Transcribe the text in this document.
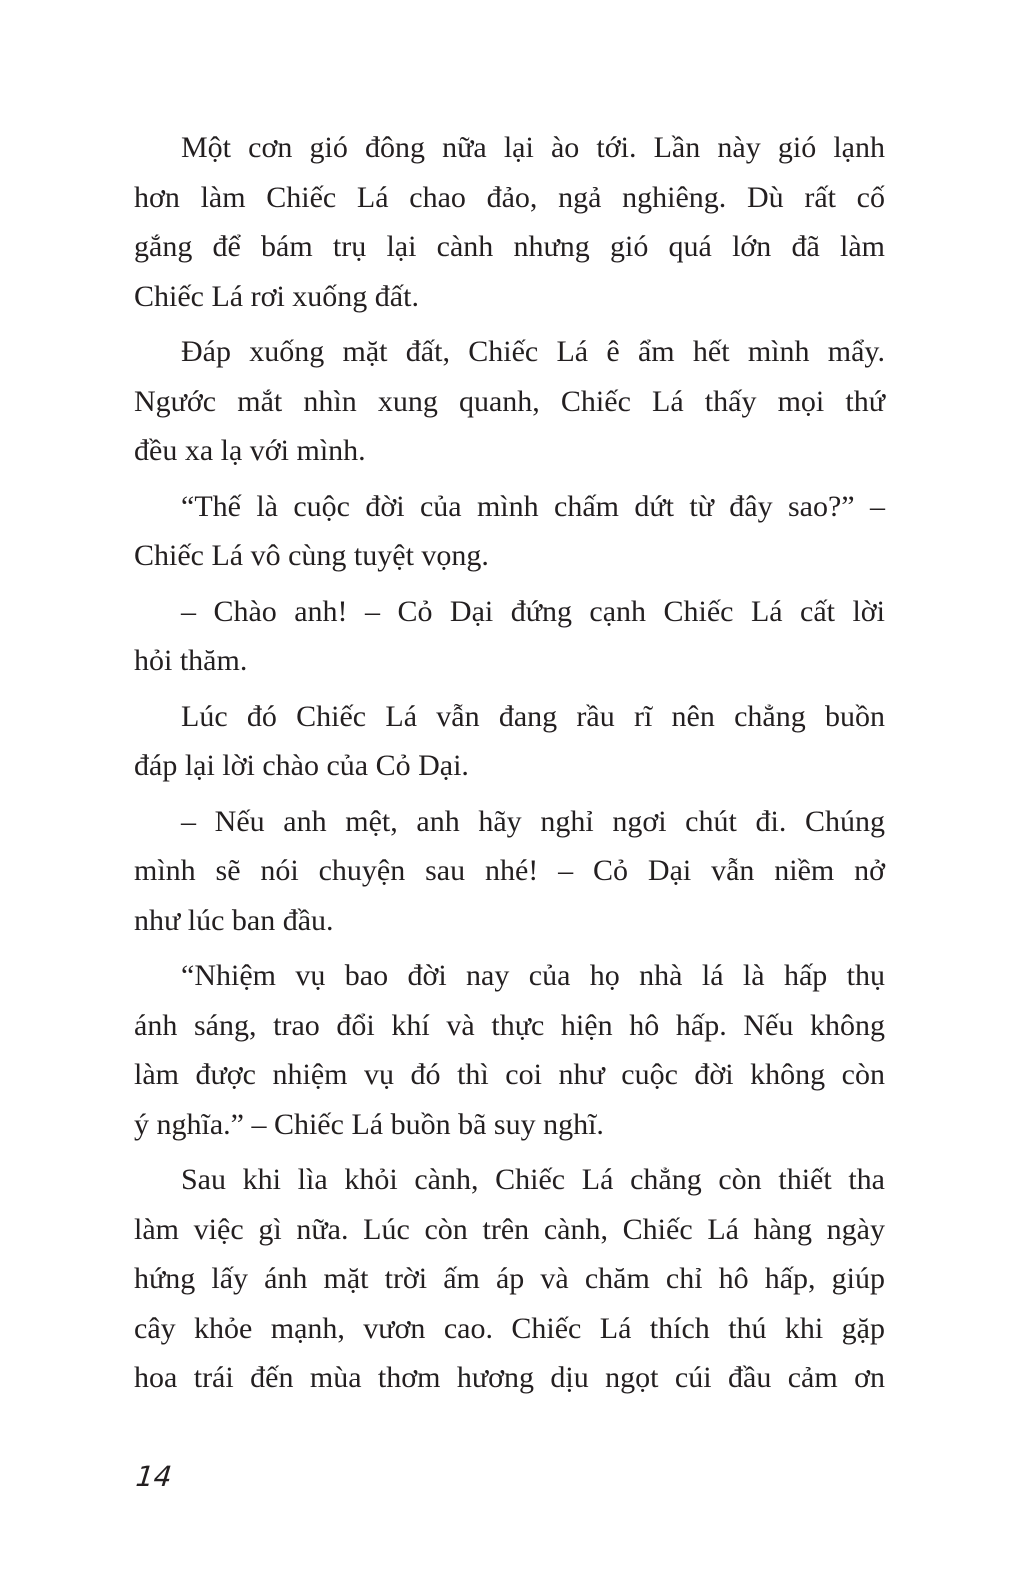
Một cơn gió đông nữa lại ào tới. Lần này gió lạnh
hơn làm Chiếc Lá chao đảo, ngả nghiêng. Dù rất cố
gắng để bám trụ lại cành nhưng gió quá lớn đã làm
Chiếc Lá rơi xuống đất.
Đáp xuống mặt đất, Chiếc Lá ê ẩm hết mình mẩy.
Ngước mắt nhìn xung quanh, Chiếc Lá thấy mọi thứ
đều xa lạ với mình.
“Thế là cuộc đời của mình chấm dứt từ đây sao?” –
Chiếc Lá vô cùng tuyệt vọng.
– Chào anh! – Cỏ Dại đứng cạnh Chiếc Lá cất lời
hỏi thăm.
Lúc đó Chiếc Lá vẫn đang rầu rĩ nên chẳng buồn
đáp lại lời chào của Cỏ Dại.
– Nếu anh mệt, anh hãy nghỉ ngơi chút đi. Chúng
mình sẽ nói chuyện sau nhé! – Cỏ Dại vẫn niềm nở
như lúc ban đầu.
“Nhiệm vụ bao đời nay của họ nhà lá là hấp thụ
ánh sáng, trao đổi khí và thực hiện hô hấp. Nếu không
làm được nhiệm vụ đó thì coi như cuộc đời không còn
ý nghĩa.” – Chiếc Lá buồn bã suy nghĩ.
Sau khi lìa khỏi cành, Chiếc Lá chẳng còn thiết tha
làm việc gì nữa. Lúc còn trên cành, Chiếc Lá hàng ngày
hứng lấy ánh mặt trời ấm áp và chăm chỉ hô hấp, giúp
cây khỏe mạnh, vươn cao. Chiếc Lá thích thú khi gặp
hoa trái đến mùa thơm hương dịu ngọt cúi đầu cảm ơn
14
